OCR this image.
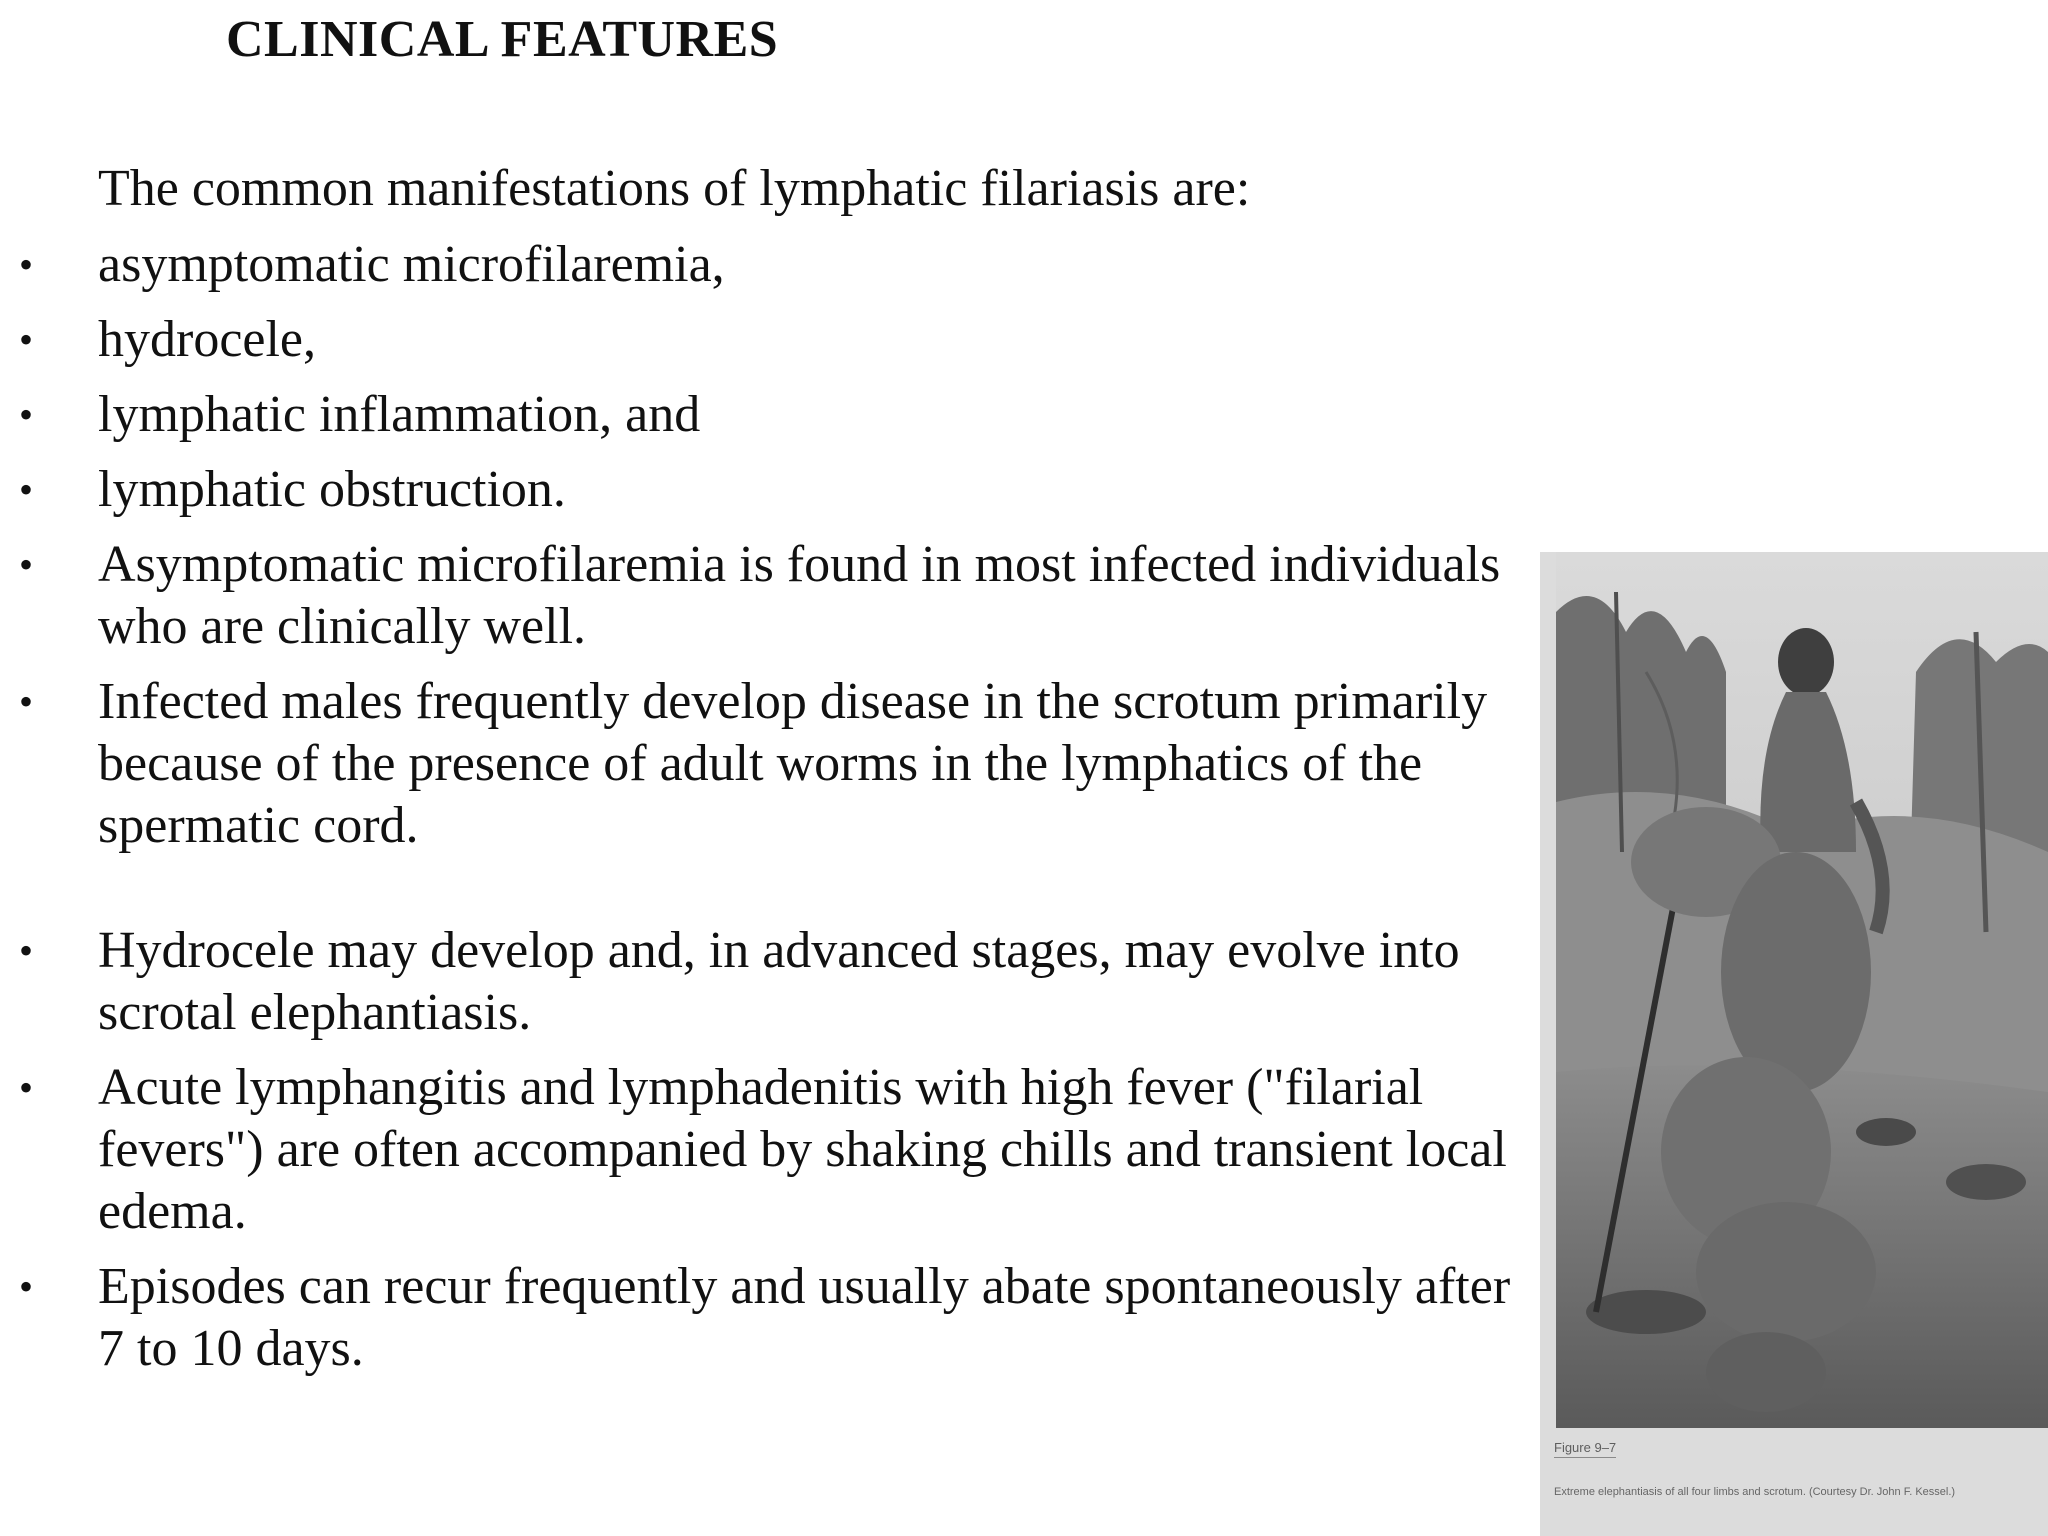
CLINICAL FEATURES

The common manifestations of lymphatic filariasis are:

• asymptomatic microfilaremia,
• hydrocele,
• lymphatic inflammation, and
• lymphatic obstruction.
• Asymptomatic microfilaremia is found in most infected individuals who are clinically well.
• Infected males frequently develop disease in the scrotum primarily because of the presence of adult worms in the lymphatics of the spermatic cord.
• Hydrocele may develop and, in advanced stages, may evolve into scrotal elephantiasis.
• Acute lymphangitis and lymphadenitis with high fever ("filarial fevers") are often accompanied by shaking chills and transient local edema.
• Episodes can recur frequently and usually abate spontaneously after 7 to 10 days.
Figure 9–7
Extreme elephantiasis of all four limbs and scrotum. (Courtesy Dr. John F. Kessel.)
